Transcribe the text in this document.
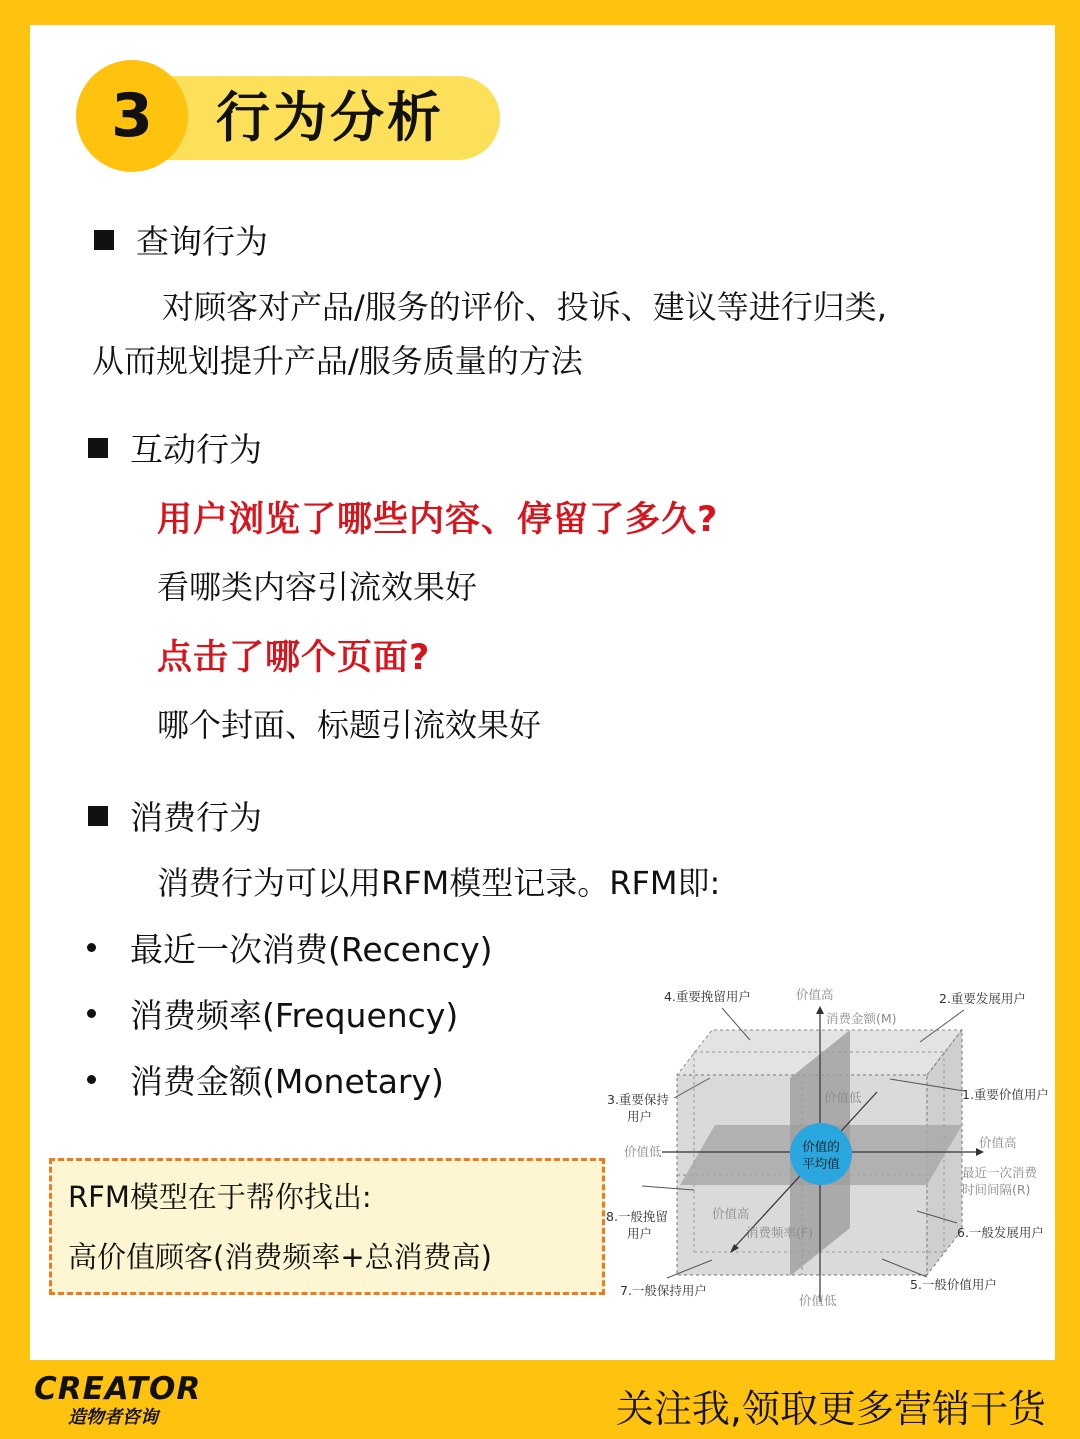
3	行为分析
查询行为
对顾客对产品/服务的评价、投诉、建议等进行归类,
从而规划提升产品/服务质量的方法
互动行为
用户浏览了哪些内容、停留了多久?
看哪类内容引流效果好
点击了哪个页面?
哪个封面、标题引流效果好
消费行为
消费行为可以用RFM模型记录。RFM即:
最近一次消费(Recency)
消费频率(Frequency)
消费金额(Monetary)
RFM模型在于帮你找出:
高价值顾客(消费频率+总消费高)
4.重要挽留用户	2.重要发展用户
价值高
消费金额(M)
3.重要保持
用户
价值低	1.重要价值用户
价值低
价值高
最近一次消费
时间间隔(R)
8.一般挽留
用户
价值高
消费频率(F)	6.一般发展用户
7.一般保持用户	5.一般价值用户
价值低
价值的
平均值
CREATOR
造物者咨询	关注我,领取更多营销干货
